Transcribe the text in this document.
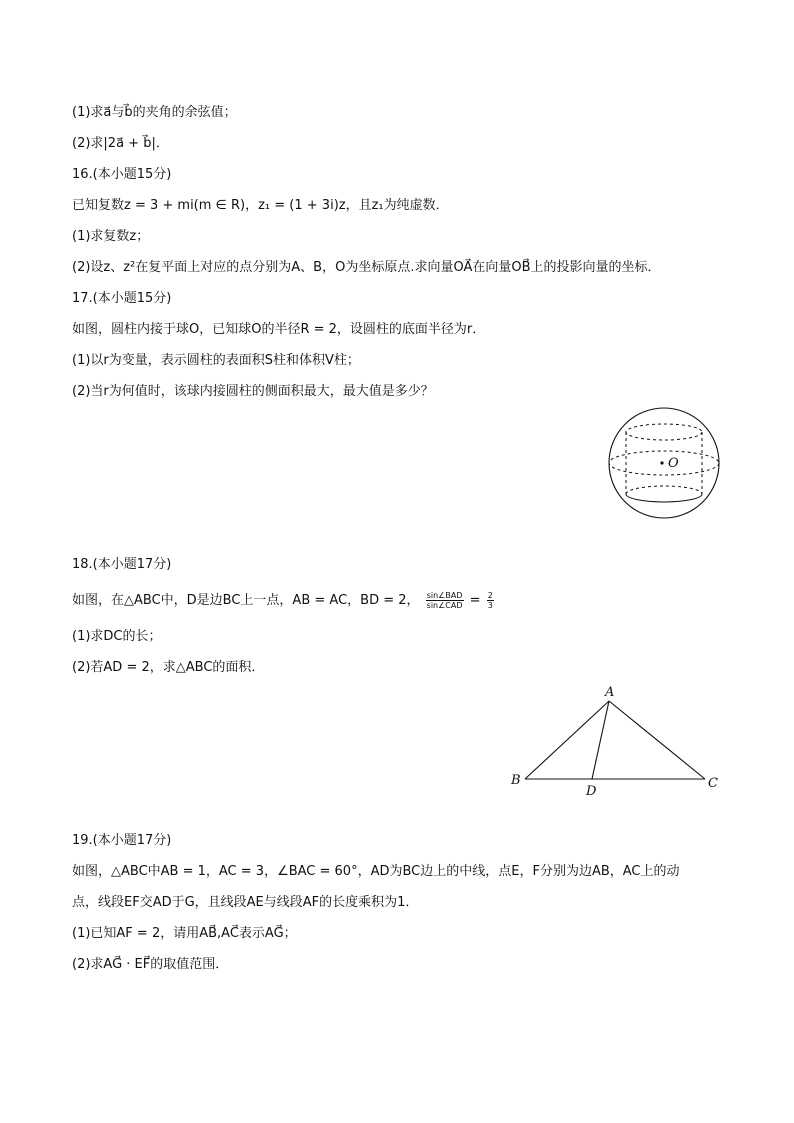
(1)求a⃗与b⃗的夹角的余弦值；
(2)求|2a⃗ + b⃗|．
16.(本小题15分)
已知复数z = 3 + mi(m ∈ R)，z₁ = (1 + 3i)z，且z₁为纯虚数．
(1)求复数z；
(2)设z、z²在复平面上对应的点分别为A、B，O为坐标原点.求向量OA⃗在向量OB⃗上的投影向量的坐标．
17.(本小题15分)
如图，圆柱内接于球O，已知球O的半径R = 2，设圆柱的底面半径为r．
(1)以r为变量，表示圆柱的表面积S柱和体积V柱；
(2)当r为何值时，该球内接圆柱的侧面积最大，最大值是多少？
O
18.(本小题17分)
如图，在△ABC中，D是边BC上一点，AB = AC，BD = 2， $\frac{\text{sin∠BAD}}{\text{sin∠CAD}} = \frac{2}{3}$
(1)求DC的长；
(2)若AD = 2，求△ABC的面积．
A
B	C
D
19.(本小题17分)
如图，△ABC中AB = 1，AC = 3，∠BAC = 60°，AD为BC边上的中线，点E，F分别为边AB，AC上的动
点，线段EF交AD于G，且线段AE与线段AF的长度乘积为1．
(1)已知AF = 2，请用AB⃗,AC⃗表示AG⃗；
(2)求AG⃗ · EF⃗的取值范围．
